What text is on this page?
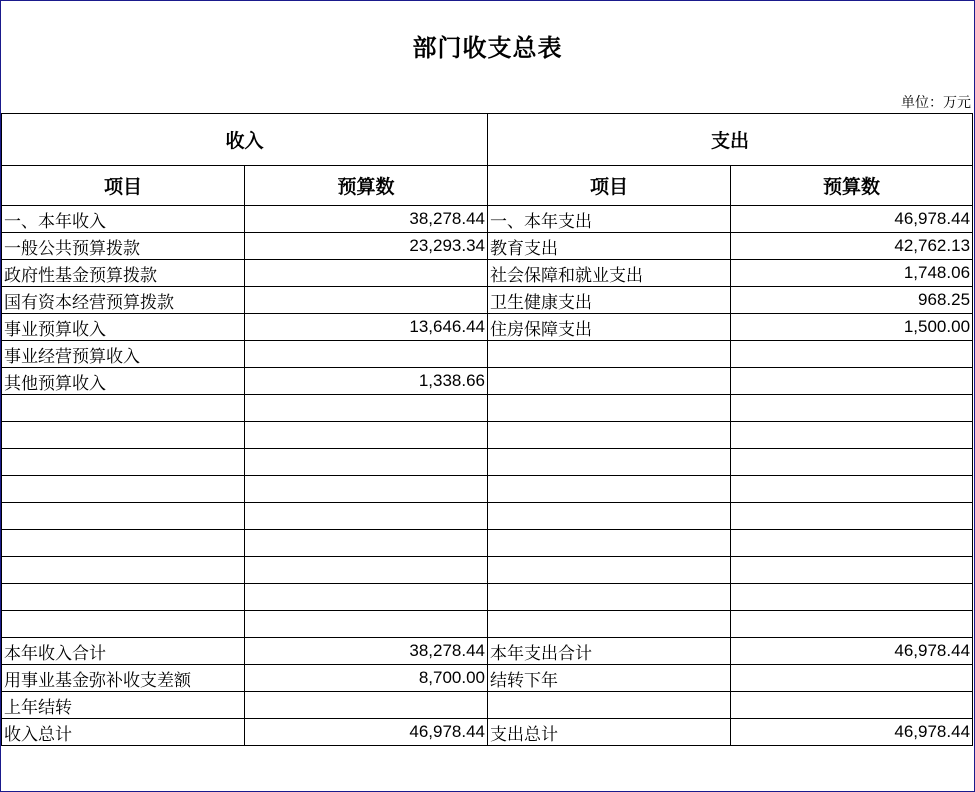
部门收支总表
单位：万元
收入		支出	
项目	预算数	项目	预算数
一、本年收入	38,278.44	一、本年支出	46,978.44
一般公共预算拨款	23,293.34	教育支出	42,762.13
政府性基金预算拨款		社会保障和就业支出	1,748.06
国有资本经营预算拨款		卫生健康支出	968.25
事业预算收入	13,646.44	住房保障支出	1,500.00
事业经营预算收入			
其他预算收入	1,338.66		

本年收入合计	38,278.44	本年支出合计	46,978.44
用事业基金弥补收支差额	8,700.00	结转下年	
上年结转			
收入总计	46,978.44	支出总计	46,978.44
